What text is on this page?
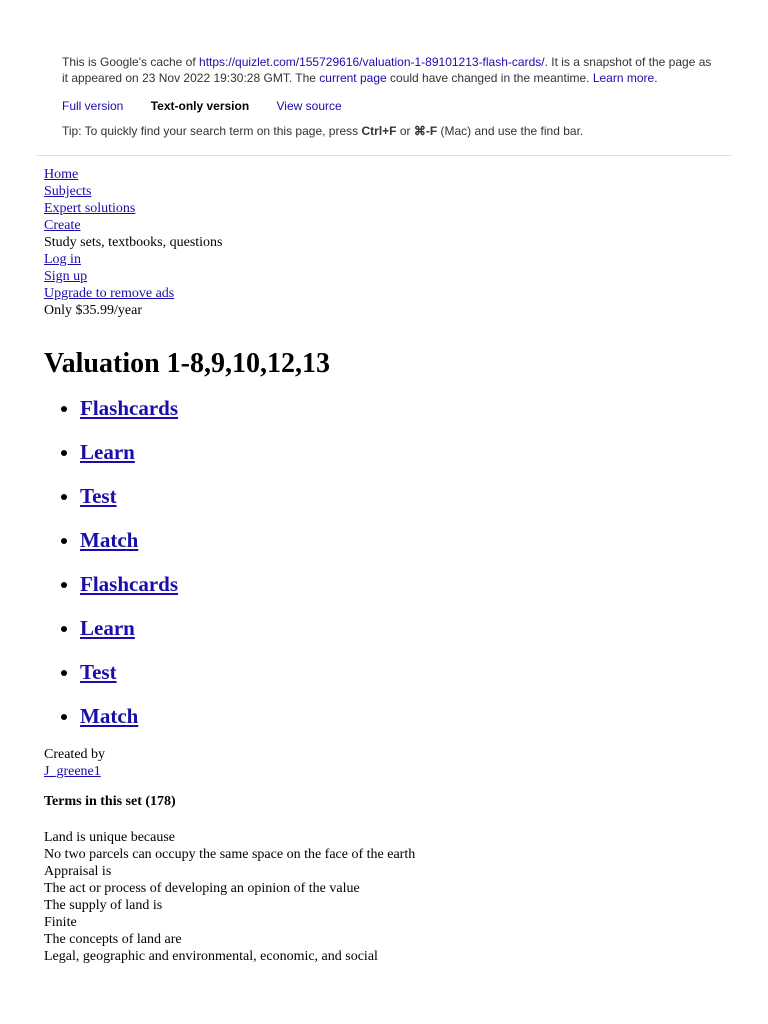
This is Google's cache of https://quizlet.com/155729616/valuation-1-89101213-flash-cards/. It is a snapshot of the page as it appeared on 23 Nov 2022 19:30:28 GMT. The current page could have changed in the meantime. Learn more.
Full version Text-only version View source
Tip: To quickly find your search term on this page, press Ctrl+F or ⌘-F (Mac) and use the find bar.
Home
Subjects
Expert solutions
Create
Study sets, textbooks, questions
Log in
Sign up
Upgrade to remove ads
Only $35.99/year
Valuation 1-8,9,10,12,13
• Flashcards
• Learn
• Test
• Match
• Flashcards
• Learn
• Test
• Match
Created by
J_greene1
Terms in this set (178)
Land is unique because
No two parcels can occupy the same space on the face of the earth
Appraisal is
The act or process of developing an opinion of the value
The supply of land is
Finite
The concepts of land are
Legal, geographic and environmental, economic, and social
